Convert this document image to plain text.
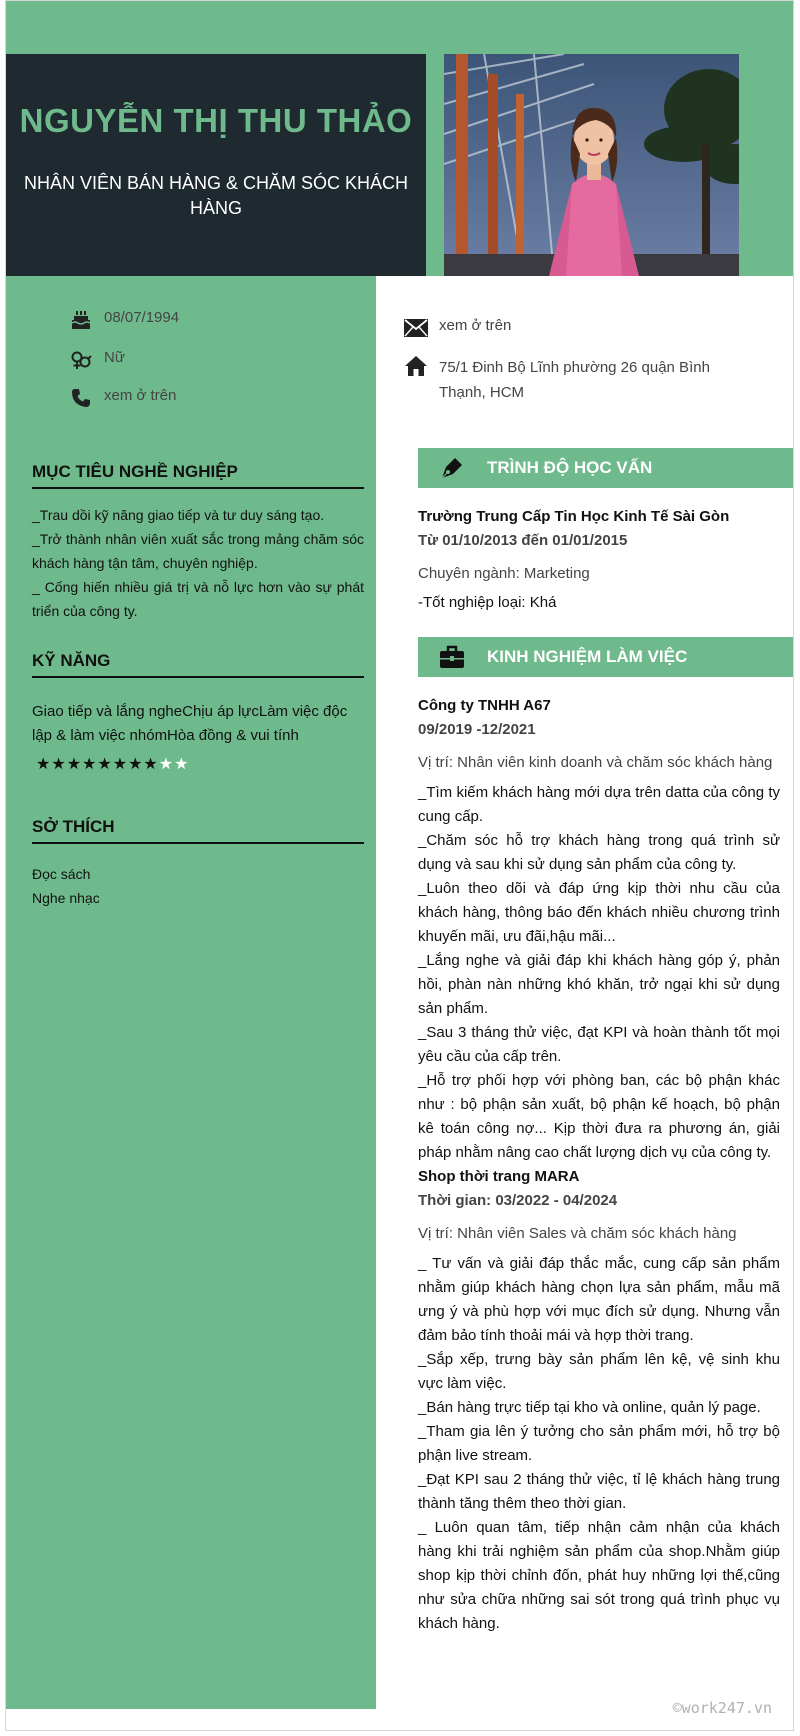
NGUYỄN THỊ THU THẢO
NHÂN VIÊN BÁN HÀNG & CHĂM SÓC KHÁCH HÀNG
08/07/1994
Nữ
xem ở trên
MỤC TIÊU NGHỀ NGHIỆP
_Trau dồi kỹ năng giao tiếp và tư duy sáng tạo.
_Trở thành nhân viên xuất sắc trong mảng chăm sóc khách hàng tận tâm, chuyên nghiệp.
_ Cống hiến nhiều giá trị và nỗ lực hơn vào sự phát triển của công ty.
KỸ NĂNG
Giao tiếp và lắng ngheChịu áp lựcLàm việc độc lập & làm việc nhómHòa đồng & vui tính
★ ★ ★ ★ ★ ★ ★ ★ ★ ★
SỞ THÍCH
Đọc sách
Nghe nhạc
xem ở trên
75/1 Đinh Bộ Lĩnh phường 26 quận Bình Thạnh, HCM
TRÌNH ĐỘ HỌC VẤN
Trường Trung Cấp Tin Học Kinh Tế Sài Gòn
Từ 01/10/2013 đến 01/01/2015
Chuyên ngành: Marketing
-Tốt nghiệp loại: Khá
KINH NGHIỆM LÀM VIỆC
Công ty TNHH A67
09/2019 -12/2021
Vị trí: Nhân viên kinh doanh và chăm sóc khách hàng
_Tìm kiếm khách hàng mới dựa trên datta của công ty cung cấp.
_Chăm sóc hỗ trợ khách hàng trong quá trình sử dụng và sau khi sử dụng sản phẩm của công ty.
_Luôn theo dõi và đáp ứng kịp thời nhu cầu của khách hàng, thông báo đến khách nhiều chương trình khuyến mãi, ưu đãi,hậu mãi...
_Lắng nghe và giải đáp khi khách hàng góp ý, phản hồi, phàn nàn những khó khăn, trở ngại khi sử dụng sản phẩm.
_Sau 3 tháng thử việc, đạt KPI và hoàn thành tốt mọi yêu cầu của cấp trên.
_Hỗ trợ phối hợp với phòng ban, các bộ phận khác như : bộ phận sản xuất, bộ phận kế hoạch, bộ phận kê toán công nợ... Kịp thời đưa ra phương án, giải pháp nhằm nâng cao chất lượng dịch vụ của công ty.
Shop thời trang MARA
Thời gian: 03/2022 - 04/2024
Vị trí: Nhân viên Sales và chăm sóc khách hàng
_ Tư vấn và giải đáp thắc mắc, cung cấp sản phẩm nhằm giúp khách hàng chọn lựa sản phẩm, mẫu mã ưng ý và phù hợp với mục đích sử dụng. Nhưng vẫn đảm bảo tính thoải mái và hợp thời trang.
_Sắp xếp, trưng bày sản phẩm lên kệ, vệ sinh khu vực làm việc.
_Bán hàng trực tiếp tại kho và online, quản lý page.
_Tham gia lên ý tưởng cho sản phẩm mới, hỗ trợ bộ phận live stream.
_Đạt KPI sau 2 tháng thử việc, tỉ lệ khách hàng trung thành tăng thêm theo thời gian.
_ Luôn quan tâm, tiếp nhận cảm nhận của khách hàng khi trải nghiệm sản phẩm của shop.Nhằm giúp shop kịp thời chỉnh đốn, phát huy những lợi thế,cũng như sửa chữa những sai sót trong quá trình phục vụ khách hàng.
©work247.vn
